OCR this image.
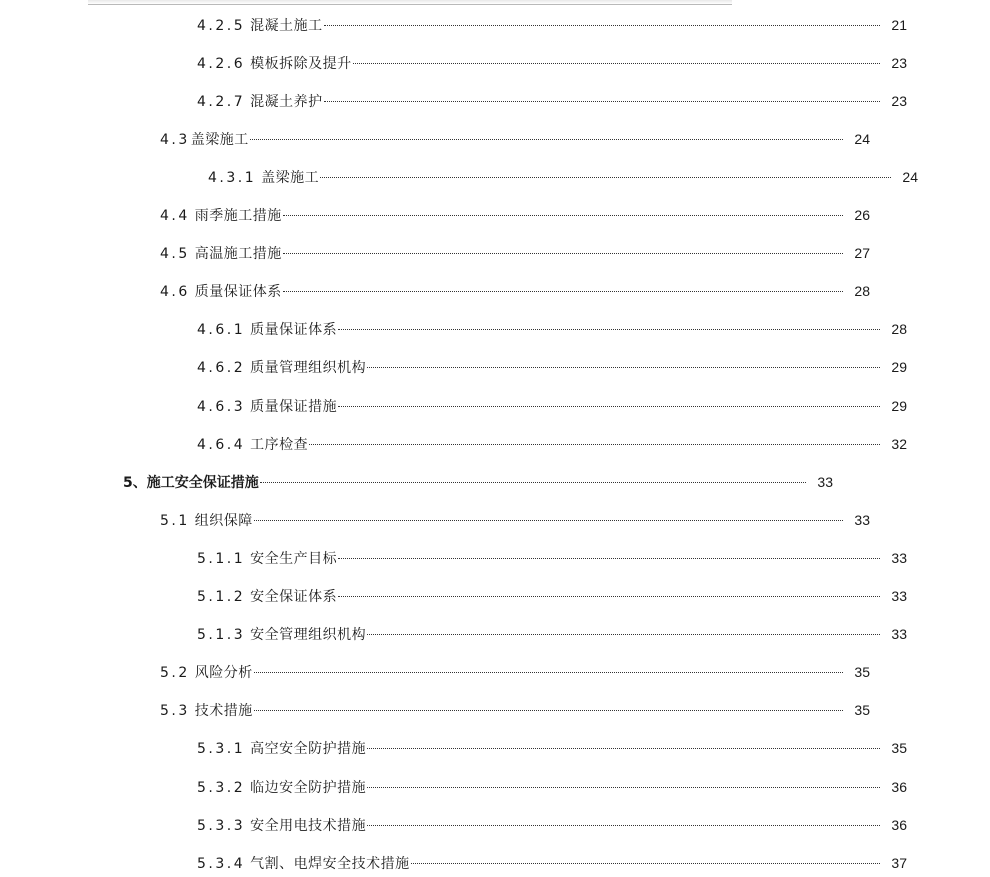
4.2.5 混凝土施工	21
4.2.6 模板拆除及提升	23
4.2.7 混凝土养护	23
4.3 盖梁施工	24
4.3.1 盖梁施工	24
4.4 雨季施工措施	26
4.5 高温施工措施	27
4.6 质量保证体系	28
4.6.1 质量保证体系	28
4.6.2 质量管理组织机构	29
4.6.3 质量保证措施	29
4.6.4 工序检查	32
5、 施工安全保证措施	33
5.1 组织保障	33
5.1.1 安全生产目标	33
5.1.2 安全保证体系	33
5.1.3 安全管理组织机构	33
5.2 风险分析	35
5.3 技术措施	35
5.3.1 高空安全防护措施	35
5.3.2 临边安全防护措施	36
5.3.3 安全用电技术措施	36
5.3.4 气割、电焊安全技术措施	37
